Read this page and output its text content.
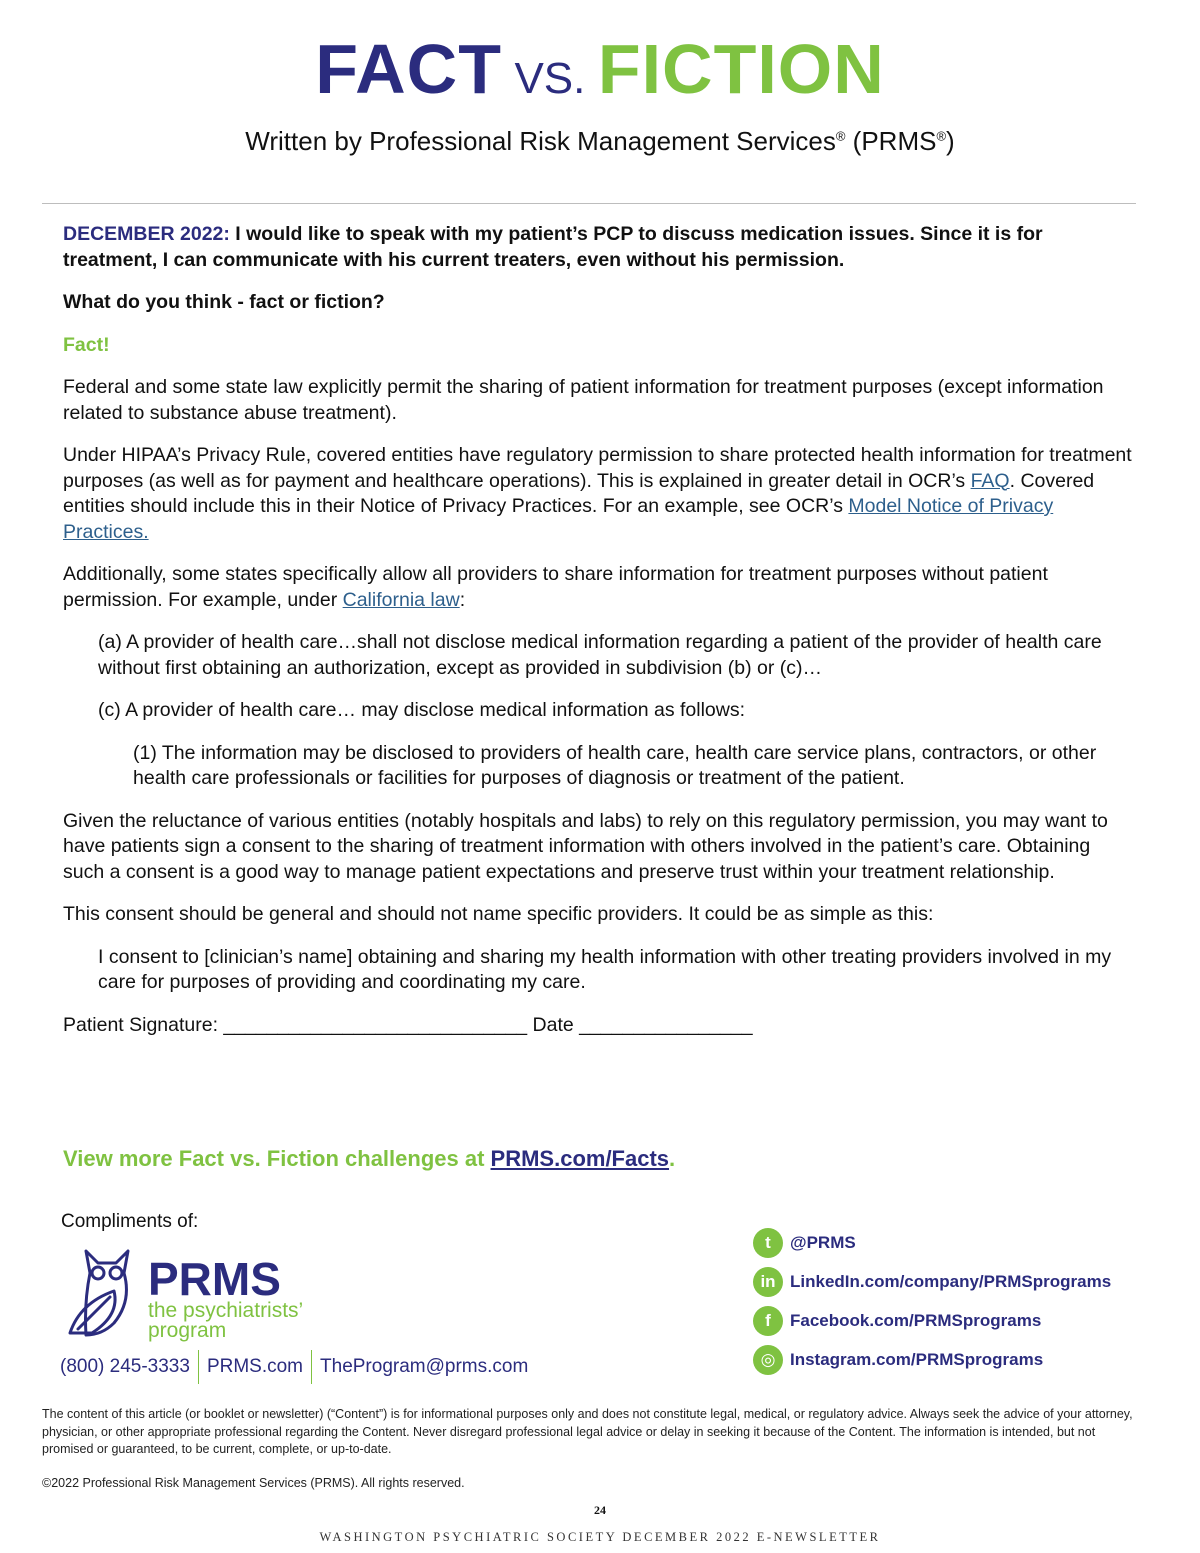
FACT VS. FICTION
Written by Professional Risk Management Services® (PRMS®)

DECEMBER 2022: I would like to speak with my patient’s PCP to discuss medication issues. Since it is for treatment, I can communicate with his current treaters, even without his permission.

What do you think - fact or fiction?

Fact!

Federal and some state law explicitly permit the sharing of patient information for treatment purposes (except information related to substance abuse treatment).

Under HIPAA’s Privacy Rule, covered entities have regulatory permission to share protected health information for treatment purposes (as well as for payment and healthcare operations). This is explained in greater detail in OCR’s FAQ. Covered entities should include this in their Notice of Privacy Practices. For an example, see OCR’s Model Notice of Privacy Practices.

Additionally, some states specifically allow all providers to share information for treatment purposes without patient permission. For example, under California law:

(a) A provider of health care…shall not disclose medical information regarding a patient of the provider of health care without first obtaining an authorization, except as provided in subdivision (b) or (c)…

(c) A provider of health care… may disclose medical information as follows:

(1) The information may be disclosed to providers of health care, health care service plans, contractors, or other health care professionals or facilities for purposes of diagnosis or treatment of the patient.

Given the reluctance of various entities (notably hospitals and labs) to rely on this regulatory permission, you may want to have patients sign a consent to the sharing of treatment information with others involved in the patient’s care. Obtaining such a consent is a good way to manage patient expectations and preserve trust within your treatment relationship.

This consent should be general and should not name specific providers. It could be as simple as this:

I consent to [clinician’s name] obtaining and sharing my health information with other treating providers involved in my care for purposes of providing and coordinating my care.

Patient Signature: ____________________________ Date ________________

View more Fact vs. Fiction challenges at PRMS.com/Facts.
Compliments of:
PRMS
the psychiatrists’
program
(800) 245-3333 PRMS.com TheProgram@prms.com
t	@PRMS
in LinkedIn.com/company/PRMSprograms
f	Facebook.com/PRMSprograms
◎ Instagram.com/PRMSprograms
The content of this article (or booklet or newsletter) (“Content”) is for informational purposes only and does not constitute legal, medical, or regulatory advice. Always seek the advice of your attorney, physician, or other appropriate professional regarding the Content. Never disregard professional legal advice or delay in seeking it because of the Content. The information is intended, but not promised or guaranteed, to be current, complete, or up-to-date.
©2022 Professional Risk Management Services (PRMS). All rights reserved.
24
WASHINGTON PSYCHIATRIC SOCIETY DECEMBER 2022 E-NEWSLETTER
